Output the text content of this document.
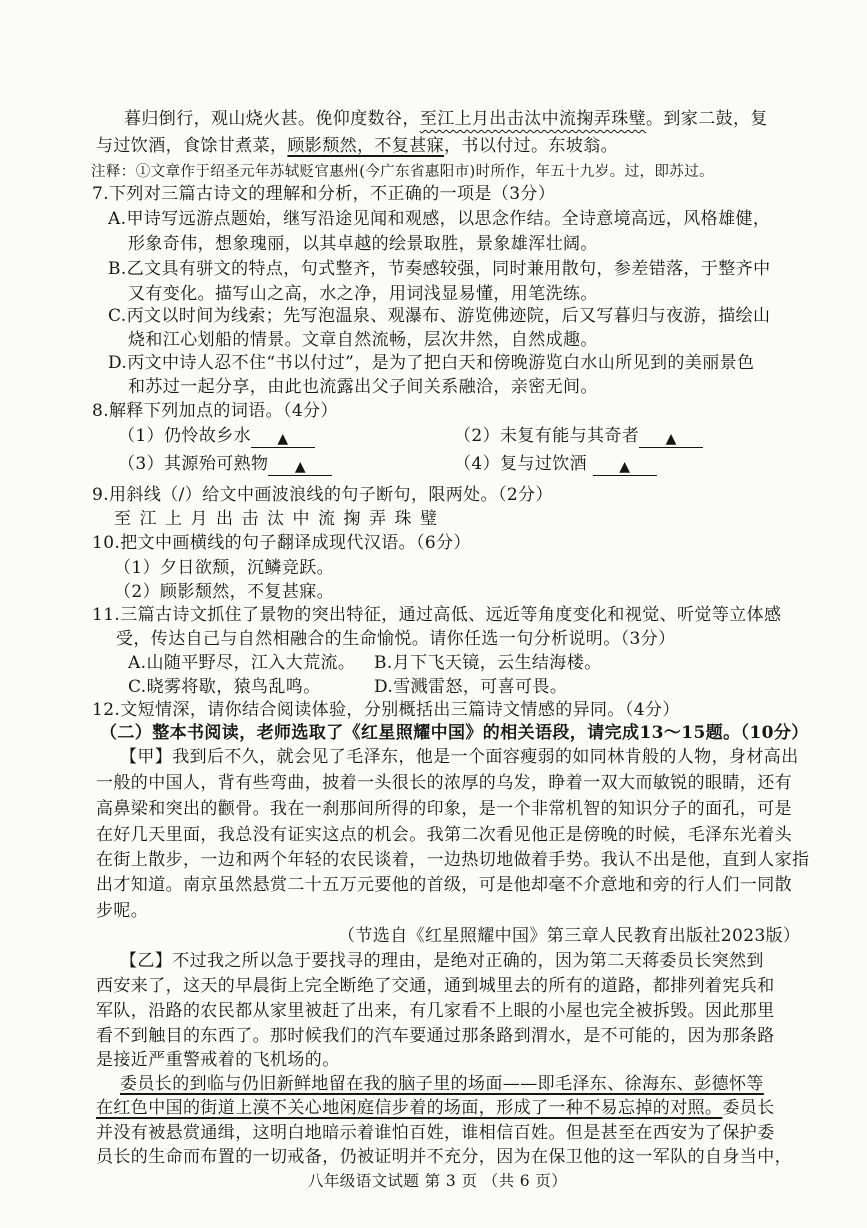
暮归倒行，观山烧火甚。俛仰度数谷，至江上月出击汰中流掬弄珠璧。到家二鼓，复
与过饮酒，食馀甘煮菜，顾影颓然，不复甚寐，书以付过。东坡翁。
注释：①文章作于绍圣元年苏轼贬官惠州(今广东省惠阳市)时所作，年五十九岁。过，即苏过。
7.下列对三篇古诗文的理解和分析，不正确的一项是（3分）
A.甲诗写远游点题始，继写沿途见闻和观感，以思念作结。全诗意境高远，风格雄健，
形象奇伟，想象瑰丽，以其卓越的绘景取胜，景象雄浑壮阔。
B.乙文具有骈文的特点，句式整齐，节奏感较强，同时兼用散句，参差错落，于整齐中
又有变化。描写山之高，水之净，用词浅显易懂，用笔洗练。
C.丙文以时间为线索；先写泡温泉、观瀑布、游览佛迹院，后又写暮归与夜游，描绘山
烧和江心划船的情景。文章自然流畅，层次井然，自然成趣。
D.丙文中诗人忍不住“书以付过”，是为了把白天和傍晚游览白水山所见到的美丽景色
和苏过一起分享，由此也流露出父子间关系融洽，亲密无间。
8.解释下列加点的词语。（4分）
（1）仍怜故乡水 ▲	（2）未复有能与其奇者 ▲
（3）其源殆可熟物 ▲	（4）复与过饮酒 ▲
9.用斜线（/）给文中画波浪线的句子断句，限两处。（2分）
至江上月出击汰中流掬弄珠璧
10.把文中画横线的句子翻译成现代汉语。（6分）
（1）夕日欲颓，沉鳞竞跃。
（2）顾影颓然，不复甚寐。
11.三篇古诗文抓住了景物的突出特征，通过高低、远近等角度变化和视觉、听觉等立体感
受，传达自己与自然相融合的生命愉悦。请你任选一句分析说明。（3分）
A.山随平野尽，江入大荒流。 B.月下飞天镜，云生结海楼。
C.晓雾将歇，猿鸟乱鸣。	D.雪溅雷怒，可喜可畏。
12.文短情深，请你结合阅读体验，分别概括出三篇诗文情感的异同。（4分）
（二）整本书阅读，老师选取了《红星照耀中国》的相关语段，请完成13～15题。（10分）
【甲】我到后不久，就会见了毛泽东，他是一个面容瘦弱的如同林肯般的人物，身材高出
一般的中国人，背有些弯曲，披着一头很长的浓厚的乌发，睁着一双大而敏锐的眼睛，还有
高鼻梁和突出的颧骨。我在一刹那间所得的印象，是一个非常机智的知识分子的面孔，可是
在好几天里面，我总没有证实这点的机会。我第二次看见他正是傍晚的时候，毛泽东光着头
在街上散步，一边和两个年轻的农民谈着，一边热切地做着手势。我认不出是他，直到人家指
出才知道。南京虽然悬赏二十五万元要他的首级，可是他却毫不介意地和旁的行人们一同散
步呢。
（节选自《红星照耀中国》第三章人民教育出版社2023版）
【乙】不过我之所以急于要找寻的理由，是绝对正确的，因为第二天蒋委员长突然到
西安来了，这天的早晨街上完全断绝了交通，通到城里去的所有的道路，都排列着宪兵和
军队，沿路的农民都从家里被赶了出来，有几家看不上眼的小屋也完全被拆毁。因此那里
看不到触目的东西了。那时候我们的汽车要通过那条路到渭水，是不可能的，因为那条路
是接近严重警戒着的飞机场的。
委员长的到临与仍旧新鲜地留在我的脑子里的场面——即毛泽东、徐海东、彭德怀等
在红色中国的街道上漠不关心地闲庭信步着的场面，形成了一种不易忘掉的对照。委员长
并没有被悬赏通缉，这明白地暗示着谁怕百姓，谁相信百姓。但是甚至在西安为了保护委
员长的生命而布置的一切戒备，仍被证明并不充分，因为在保卫他的这一军队的自身当中，
八年级语文试题 第 3 页 （共 6 页）
